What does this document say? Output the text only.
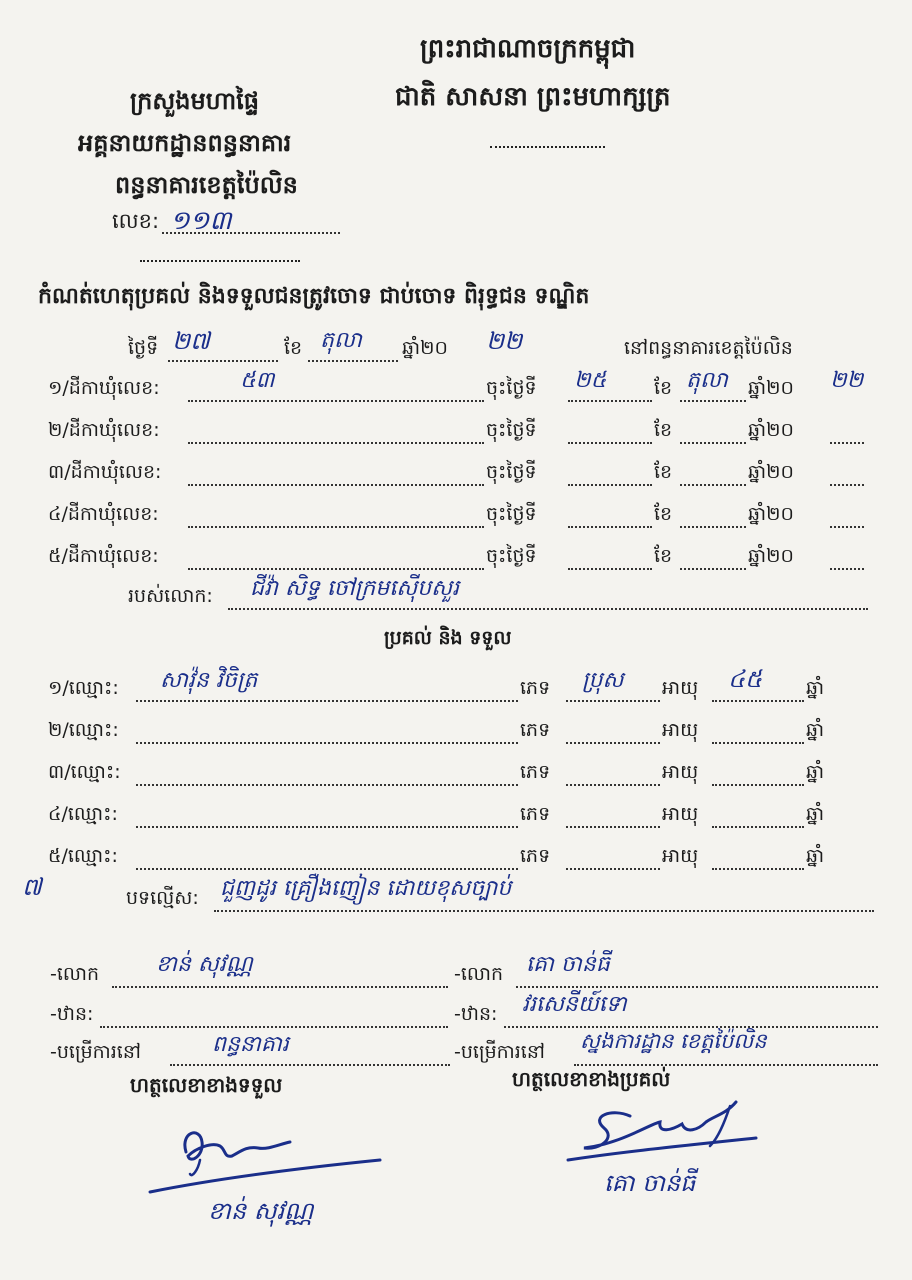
ព្រះរាជាណាចក្រកម្ពុជា
ជាតិ សាសនា ព្រះមហាក្សត្រ
ក្រសួងមហាផ្ទៃ
អគ្គនាយកដ្ឋានពន្ធនាគារ
ពន្ធនាគារខេត្តប៉ៃលិន
លេខ: ១១៣
កំណត់ហេតុប្រគល់ និងទទួលជនត្រូវចោទ ជាប់ចោទ ពិរុទ្ធជន ទណ្ឌិត
ថ្ងៃទី ២៧	ខែ តុលា ឆ្នាំ២០ ២២	នៅពន្ធនាគារខេត្តប៉ៃលិន
១/ដីកាឃុំលេខ:	៥៣	ចុះថ្ងៃទី ២៥	ខែ តុលា ឆ្នាំ២០ ២២
២/ដីកាឃុំលេខ:	ចុះថ្ងៃទី	ខែ	ឆ្នាំ២០
៣/ដីកាឃុំលេខ:	ចុះថ្ងៃទី	ខែ	ឆ្នាំ២០
៤/ដីកាឃុំលេខ:	ចុះថ្ងៃទី	ខែ	ឆ្នាំ២០
៥/ដីកាឃុំលេខ:	ចុះថ្ងៃទី	ខែ	ឆ្នាំ២០
របស់លោក: ជីវ៉ា សិទ្ធ ចៅក្រមស៊ើបសួរ
ប្រគល់ និង ទទួល
១/ឈ្មោះ: សាវ៉ុន វិចិត្រ	ភេទ ប្រុស អាយុ ៤៥ ឆ្នាំ
២/ឈ្មោះ:	ភេទ	អាយុ	ឆ្នាំ
៣/ឈ្មោះ:	ភេទ	អាយុ	ឆ្នាំ
៤/ឈ្មោះ:	ភេទ	អាយុ	ឆ្នាំ
៥/ឈ្មោះ:	ភេទ	អាយុ	ឆ្នាំ
៧	បទល្មើស: ជួញដូរ គ្រឿងញៀន ដោយខុសច្បាប់
-លោក	ខាន់ សុវណ្ណ
-ឋាន:
-បម្រើការនៅ	ពន្ធនាគារ
-លោក គោ ចាន់ធី
-ឋាន: វរសេនីយ៍ទោ
-បម្រើការនៅ ស្នងការដ្ឋាន ខេត្តប៉ៃលិន
ហត្ថលេខាខាងទទួល	ហត្ថលេខាខាងប្រគល់
ខាន់ សុវណ្ណ
គោ ចាន់ធី
